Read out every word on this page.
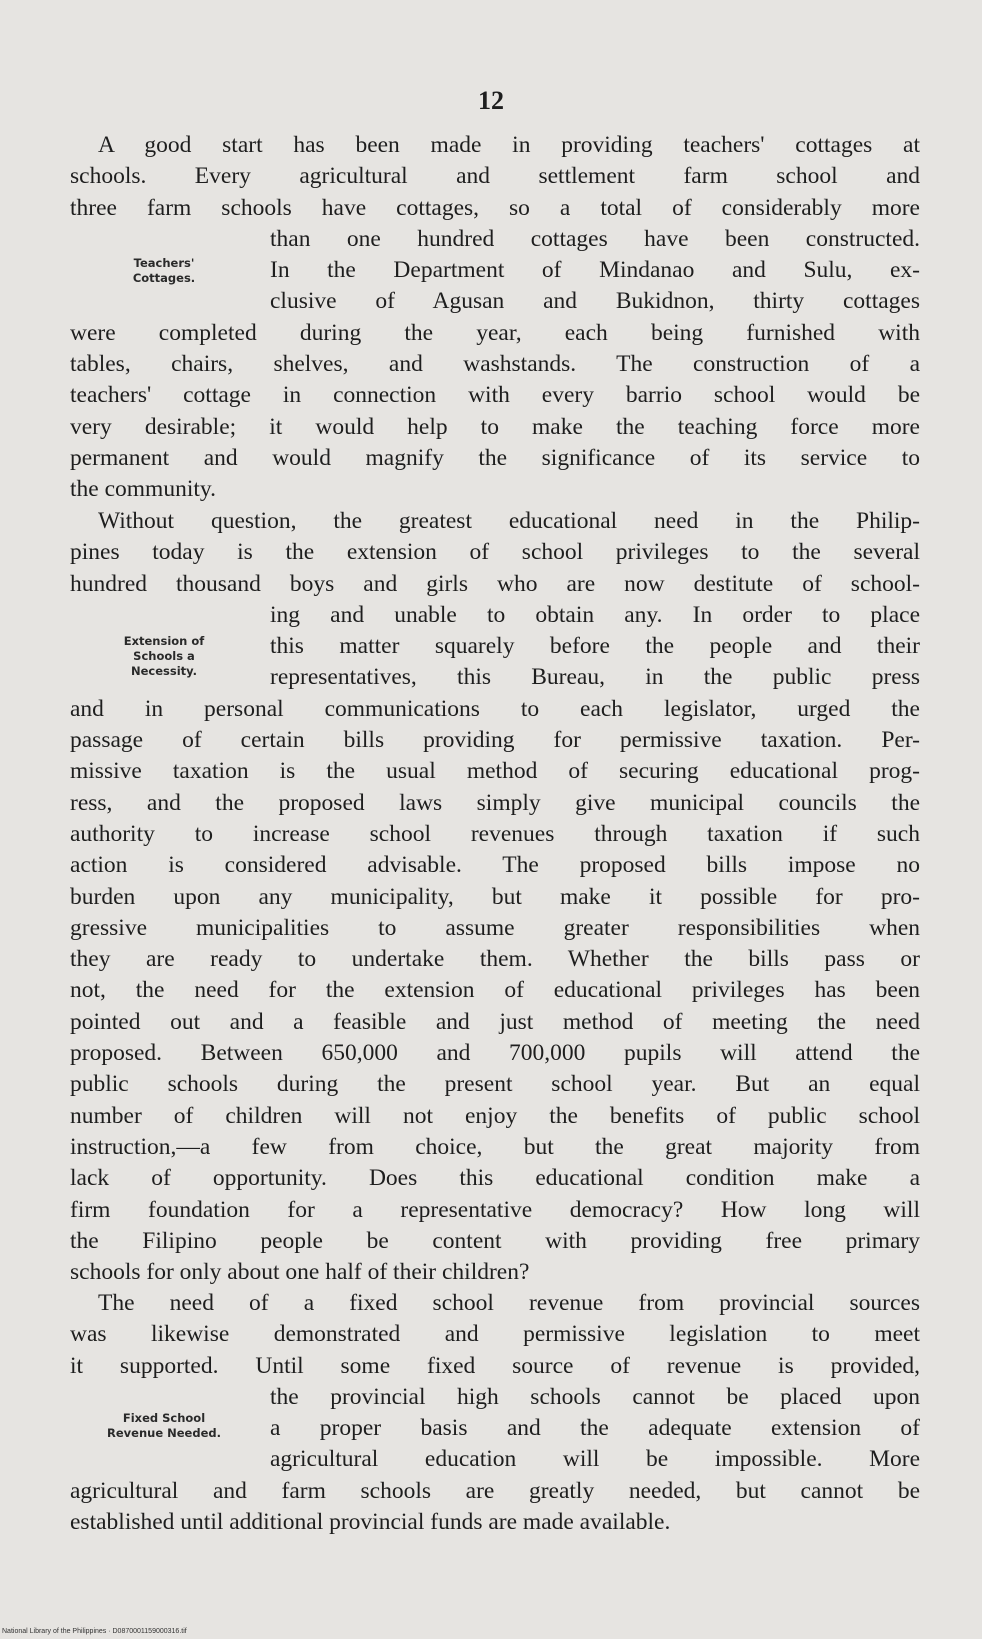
12
A good start has been made in providing teachers' cottages at
schools. Every agricultural and settlement farm school and
three farm schools have cottages, so a total of considerably more
than one hundred cottages have been constructed.
In the Department of Mindanao and Sulu, ex-
clusive of Agusan and Bukidnon, thirty cottages
were completed during the year, each being furnished with
tables, chairs, shelves, and washstands. The construction of a
teachers' cottage in connection with every barrio school would be
very desirable; it would help to make the teaching force more
permanent and would magnify the significance of its service to
the community.
Teachers'
Cottages.
Without question, the greatest educational need in the Philip-
pines today is the extension of school privileges to the several
hundred thousand boys and girls who are now destitute of school-
ing and unable to obtain any. In order to place
this matter squarely before the people and their
representatives, this Bureau, in the public press
and in personal communications to each legislator, urged the
passage of certain bills providing for permissive taxation. Per-
missive taxation is the usual method of securing educational prog-
ress, and the proposed laws simply give municipal councils the
authority to increase school revenues through taxation if such
action is considered advisable. The proposed bills impose no
burden upon any municipality, but make it possible for pro-
gressive municipalities to assume greater responsibilities when
they are ready to undertake them. Whether the bills pass or
not, the need for the extension of educational privileges has been
pointed out and a feasible and just method of meeting the need
proposed. Between 650,000 and 700,000 pupils will attend the
public schools during the present school year. But an equal
number of children will not enjoy the benefits of public school
instruction,—a few from choice, but the great majority from
lack of opportunity. Does this educational condition make a
firm foundation for a representative democracy? How long will
the Filipino people be content with providing free primary
schools for only about one half of their children?
Extension of
Schools a
Necessity.
The need of a fixed school revenue from provincial sources
was likewise demonstrated and permissive legislation to meet
it supported. Until some fixed source of revenue is provided,
the provincial high schools cannot be placed upon
a proper basis and the adequate extension of
agricultural education will be impossible. More
agricultural and farm schools are greatly needed, but cannot be
established until additional provincial funds are made available.
Fixed School
Revenue Needed.
National Library of the Philippines · D0870001159000316.tif
